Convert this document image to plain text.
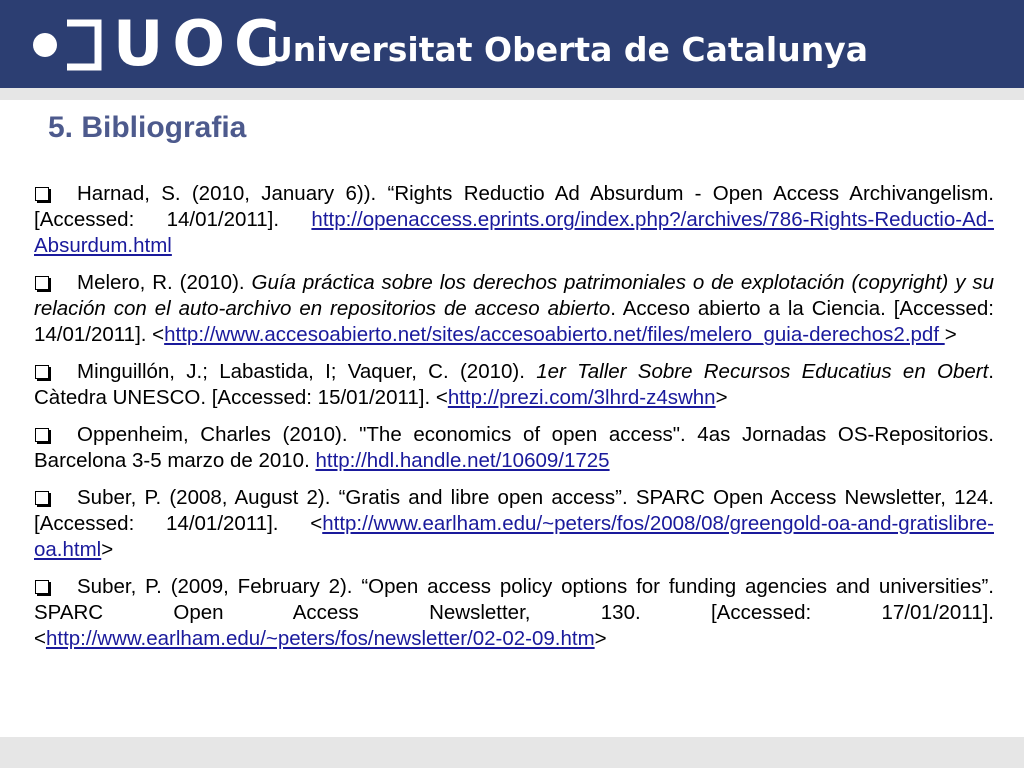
UOC
Universitat Oberta de Catalunya
5. Bibliografia

Harnad, S. (2010, January 6)). “Rights Reductio Ad Absurdum - Open Access Archivangelism. [Accessed: 14/01/2011]. http://openaccess.eprints.org/index.php?/archives/786-Rights-Reductio-Ad-Absurdum.html

Melero, R. (2010). Guía práctica sobre los derechos patrimoniales o de explotación (copyright) y su relación con el auto-archivo en repositorios de acceso abierto. Acceso abierto a la Ciencia. [Accessed: 14/01/2011]. <http://www.accesoabierto.net/sites/accesoabierto.net/files/melero_guia-derechos2.pdf >

Minguillón, J.; Labastida, I; Vaquer, C. (2010). 1er Taller Sobre Recursos Educatius en Obert. Càtedra UNESCO. [Accessed: 15/01/2011]. <http://prezi.com/3lhrd-z4swhn>

Oppenheim, Charles (2010). "The economics of open access". 4as Jornadas OS-Repositorios. Barcelona 3-5 marzo de 2010. http://hdl.handle.net/10609/1725

Suber, P. (2008, August 2). “Gratis and libre open access”. SPARC Open Access Newsletter, 124. [Accessed: 14/01/2011]. <http://www.earlham.edu/~peters/fos/2008/08/greengold-oa-and-gratislibre-oa.html>

Suber, P. (2009, February 2). “Open access policy options for funding agencies and universities”. SPARC Open Access Newsletter, 130. [Accessed: 17/01/2011]. <http://www.earlham.edu/~peters/fos/newsletter/02-02-09.htm>
